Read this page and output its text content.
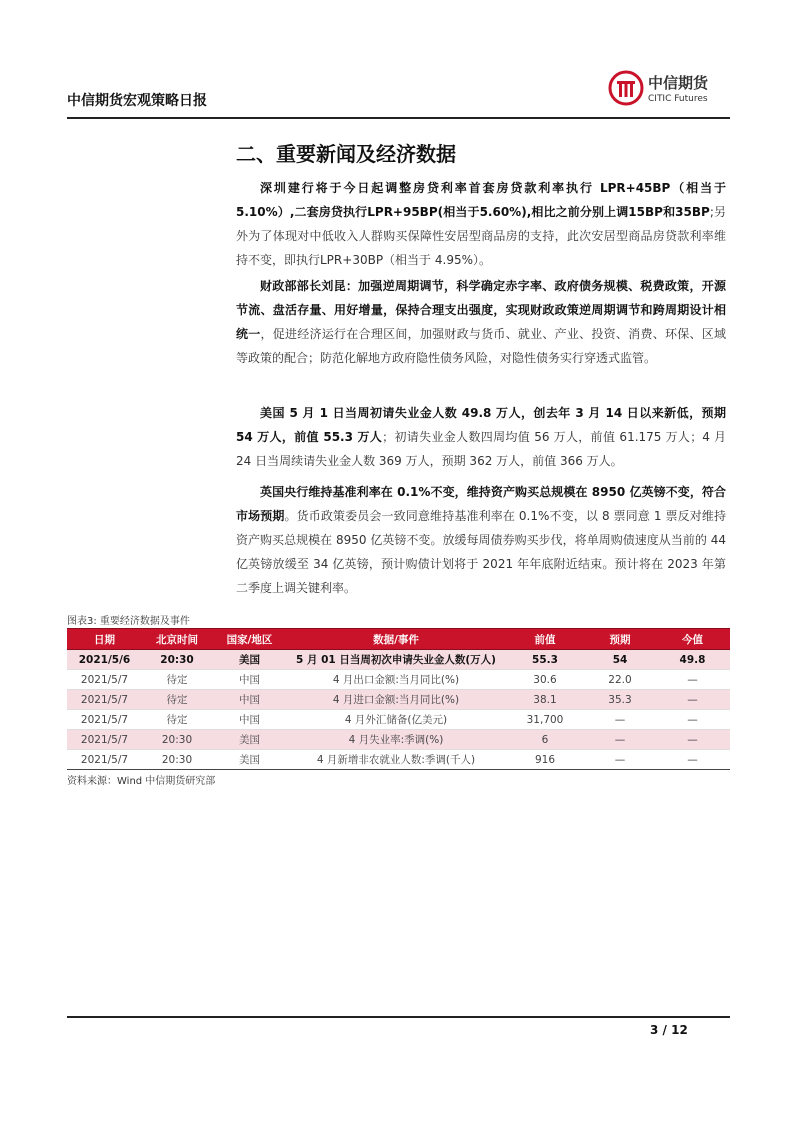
中信期货宏观策略日报
中信期货
CITIC Futures
二、重要新闻及经济数据
深圳建行将于今日起调整房贷利率首套房贷款利率执行 LPR+45BP（相当于5.10%）,二套房贷执行LPR+95BP(相当于5.60%),相比之前分别上调15BP和35BP;另外为了体现对中低收入人群购买保障性安居型商品房的支持，此次安居型商品房贷款利率维持不变，即执行LPR+30BP（相当于 4.95%）。
财政部部长刘昆：加强逆周期调节，科学确定赤字率、政府债务规模、税费政策，开源节流、盘活存量、用好增量，保持合理支出强度，实现财政政策逆周期调节和跨周期设计相统一，促进经济运行在合理区间，加强财政与货币、就业、产业、投资、消费、环保、区域等政策的配合；防范化解地方政府隐性债务风险，对隐性债务实行穿透式监管。
美国 5 月 1 日当周初请失业金人数 49.8 万人，创去年 3 月 14 日以来新低，预期 54 万人，前值 55.3 万人；初请失业金人数四周均值 56 万人，前值 61.175 万人；4 月 24 日当周续请失业金人数 369 万人，预期 362 万人，前值 366 万人。
英国央行维持基准利率在 0.1%不变，维持资产购买总规模在 8950 亿英镑不变，符合市场预期。货币政策委员会一致同意维持基准利率在 0.1%不变，以 8 票同意 1 票反对维持资产购买总规模在 8950 亿英镑不变。放缓每周债券购买步伐，将单周购债速度从当前的 44 亿英镑放缓至 34 亿英镑，预计购债计划将于 2021 年年底附近结束。预计将在 2023 年第二季度上调关键利率。
图表3: 重要经济数据及事件
日期	北京时间	国家/地区	数据/事件	前值	预期	今值
2021/5/6	20:30	美国	5 月 01 日当周初次申请失业金人数(万人)	55.3	54	49.8
2021/5/7	待定	中国	4 月出口金额:当月同比(%)	30.6	22.0	—
2021/5/7	待定	中国	4 月进口金额:当月同比(%)	38.1	35.3	—
2021/5/7	待定	中国	4 月外汇储备(亿美元)	31,700	—	—
2021/5/7	20:30	美国	4 月失业率:季调(%)	6	—	—
2021/5/7	20:30	美国	4 月新增非农就业人数:季调(千人)	916	—	—
资料来源：Wind 中信期货研究部
3 / 12
